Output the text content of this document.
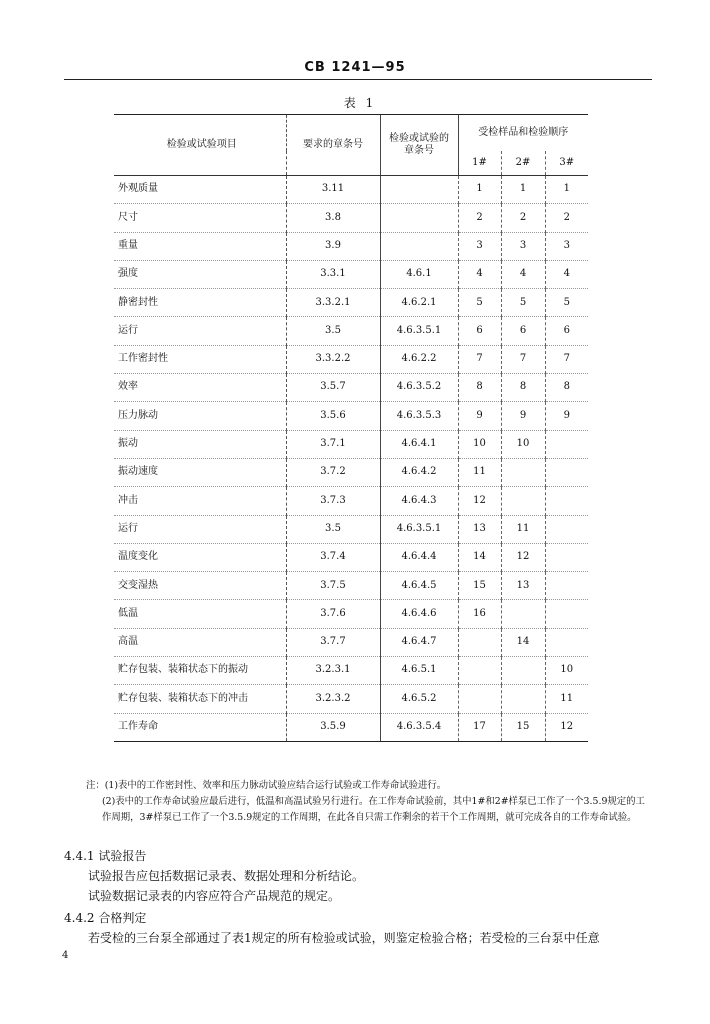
CB 1241—95
表 1
检验或试验项目	要求的章条号	检验或试验的章条号	受检样品和检验顺序		
			1#	2#	3#
外观质量	3.11		1	1	1
尺寸	3.8		2	2	2
重量	3.9		3	3	3
强度	3.3.1	4.6.1	4	4	4
静密封性	3.3.2.1	4.6.2.1	5	5	5
运行	3.5	4.6.3.5.1	6	6	6
工作密封性	3.3.2.2	4.6.2.2	7	7	7
效率	3.5.7	4.6.3.5.2	8	8	8
压力脉动	3.5.6	4.6.3.5.3	9	9	9
振动	3.7.1	4.6.4.1	10	10	
振动速度	3.7.2	4.6.4.2	11		
冲击	3.7.3	4.6.4.3	12		
运行	3.5	4.6.3.5.1	13	11	
温度变化	3.7.4	4.6.4.4	14	12	
交变湿热	3.7.5	4.6.4.5	15	13	
低温	3.7.6	4.6.4.6	16		
高温	3.7.7	4.6.4.7		14	
贮存包装、装箱状态下的振动	3.2.3.1	4.6.5.1			10
贮存包装、装箱状态下的冲击	3.2.3.2	4.6.5.2			11
工作寿命	3.5.9	4.6.3.5.4	17	15	12

注：(1)表中的工作密封性、效率和压力脉动试验应结合运行试验或工作寿命试验进行。

(2)表中的工作寿命试验应最后进行，低温和高温试验另行进行。在工作寿命试验前，其中1#和2#样泵已工作了一个3.5.9规定的工作周期，3#样泵已工作了一个3.5.9规定的工作周期，在此各自只需工作剩余的若干个工作周期，就可完成各自的工作寿命试验。

4.4.1 试验报告

试验报告应包括数据记录表、数据处理和分析结论。

试验数据记录表的内容应符合产品规范的规定。

4.4.2 合格判定

若受检的三台泵全部通过了表1规定的所有检验或试验，则鉴定检验合格；若受检的三台泵中任意

4
